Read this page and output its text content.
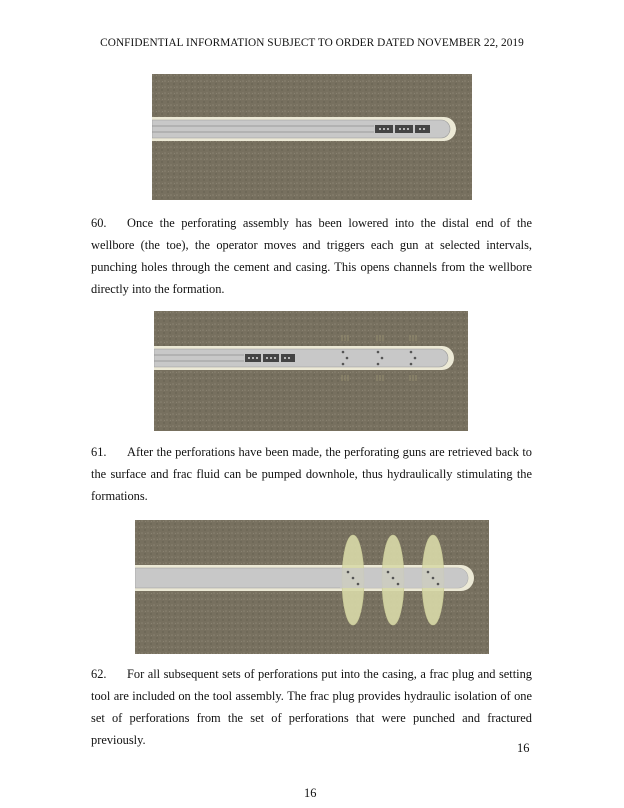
CONFIDENTIAL INFORMATION SUBJECT TO ORDER DATED NOVEMBER 22, 2019

60. Once the perforating assembly has been lowered into the distal end of the wellbore (the toe), the operator moves and triggers each gun at selected intervals, punching holes through the cement and casing. This opens channels from the wellbore directly into the formation.

61. After the perforations have been made, the perforating guns are retrieved back to the surface and frac fluid can be pumped downhole, thus hydraulically stimulating the formations.

62. For all subsequent sets of perforations put into the casing, a frac plug and setting tool are included on the tool assembly. The frac plug provides hydraulic isolation of one set of perforations from the set of perforations that were punched and fractured previously.

16
16
